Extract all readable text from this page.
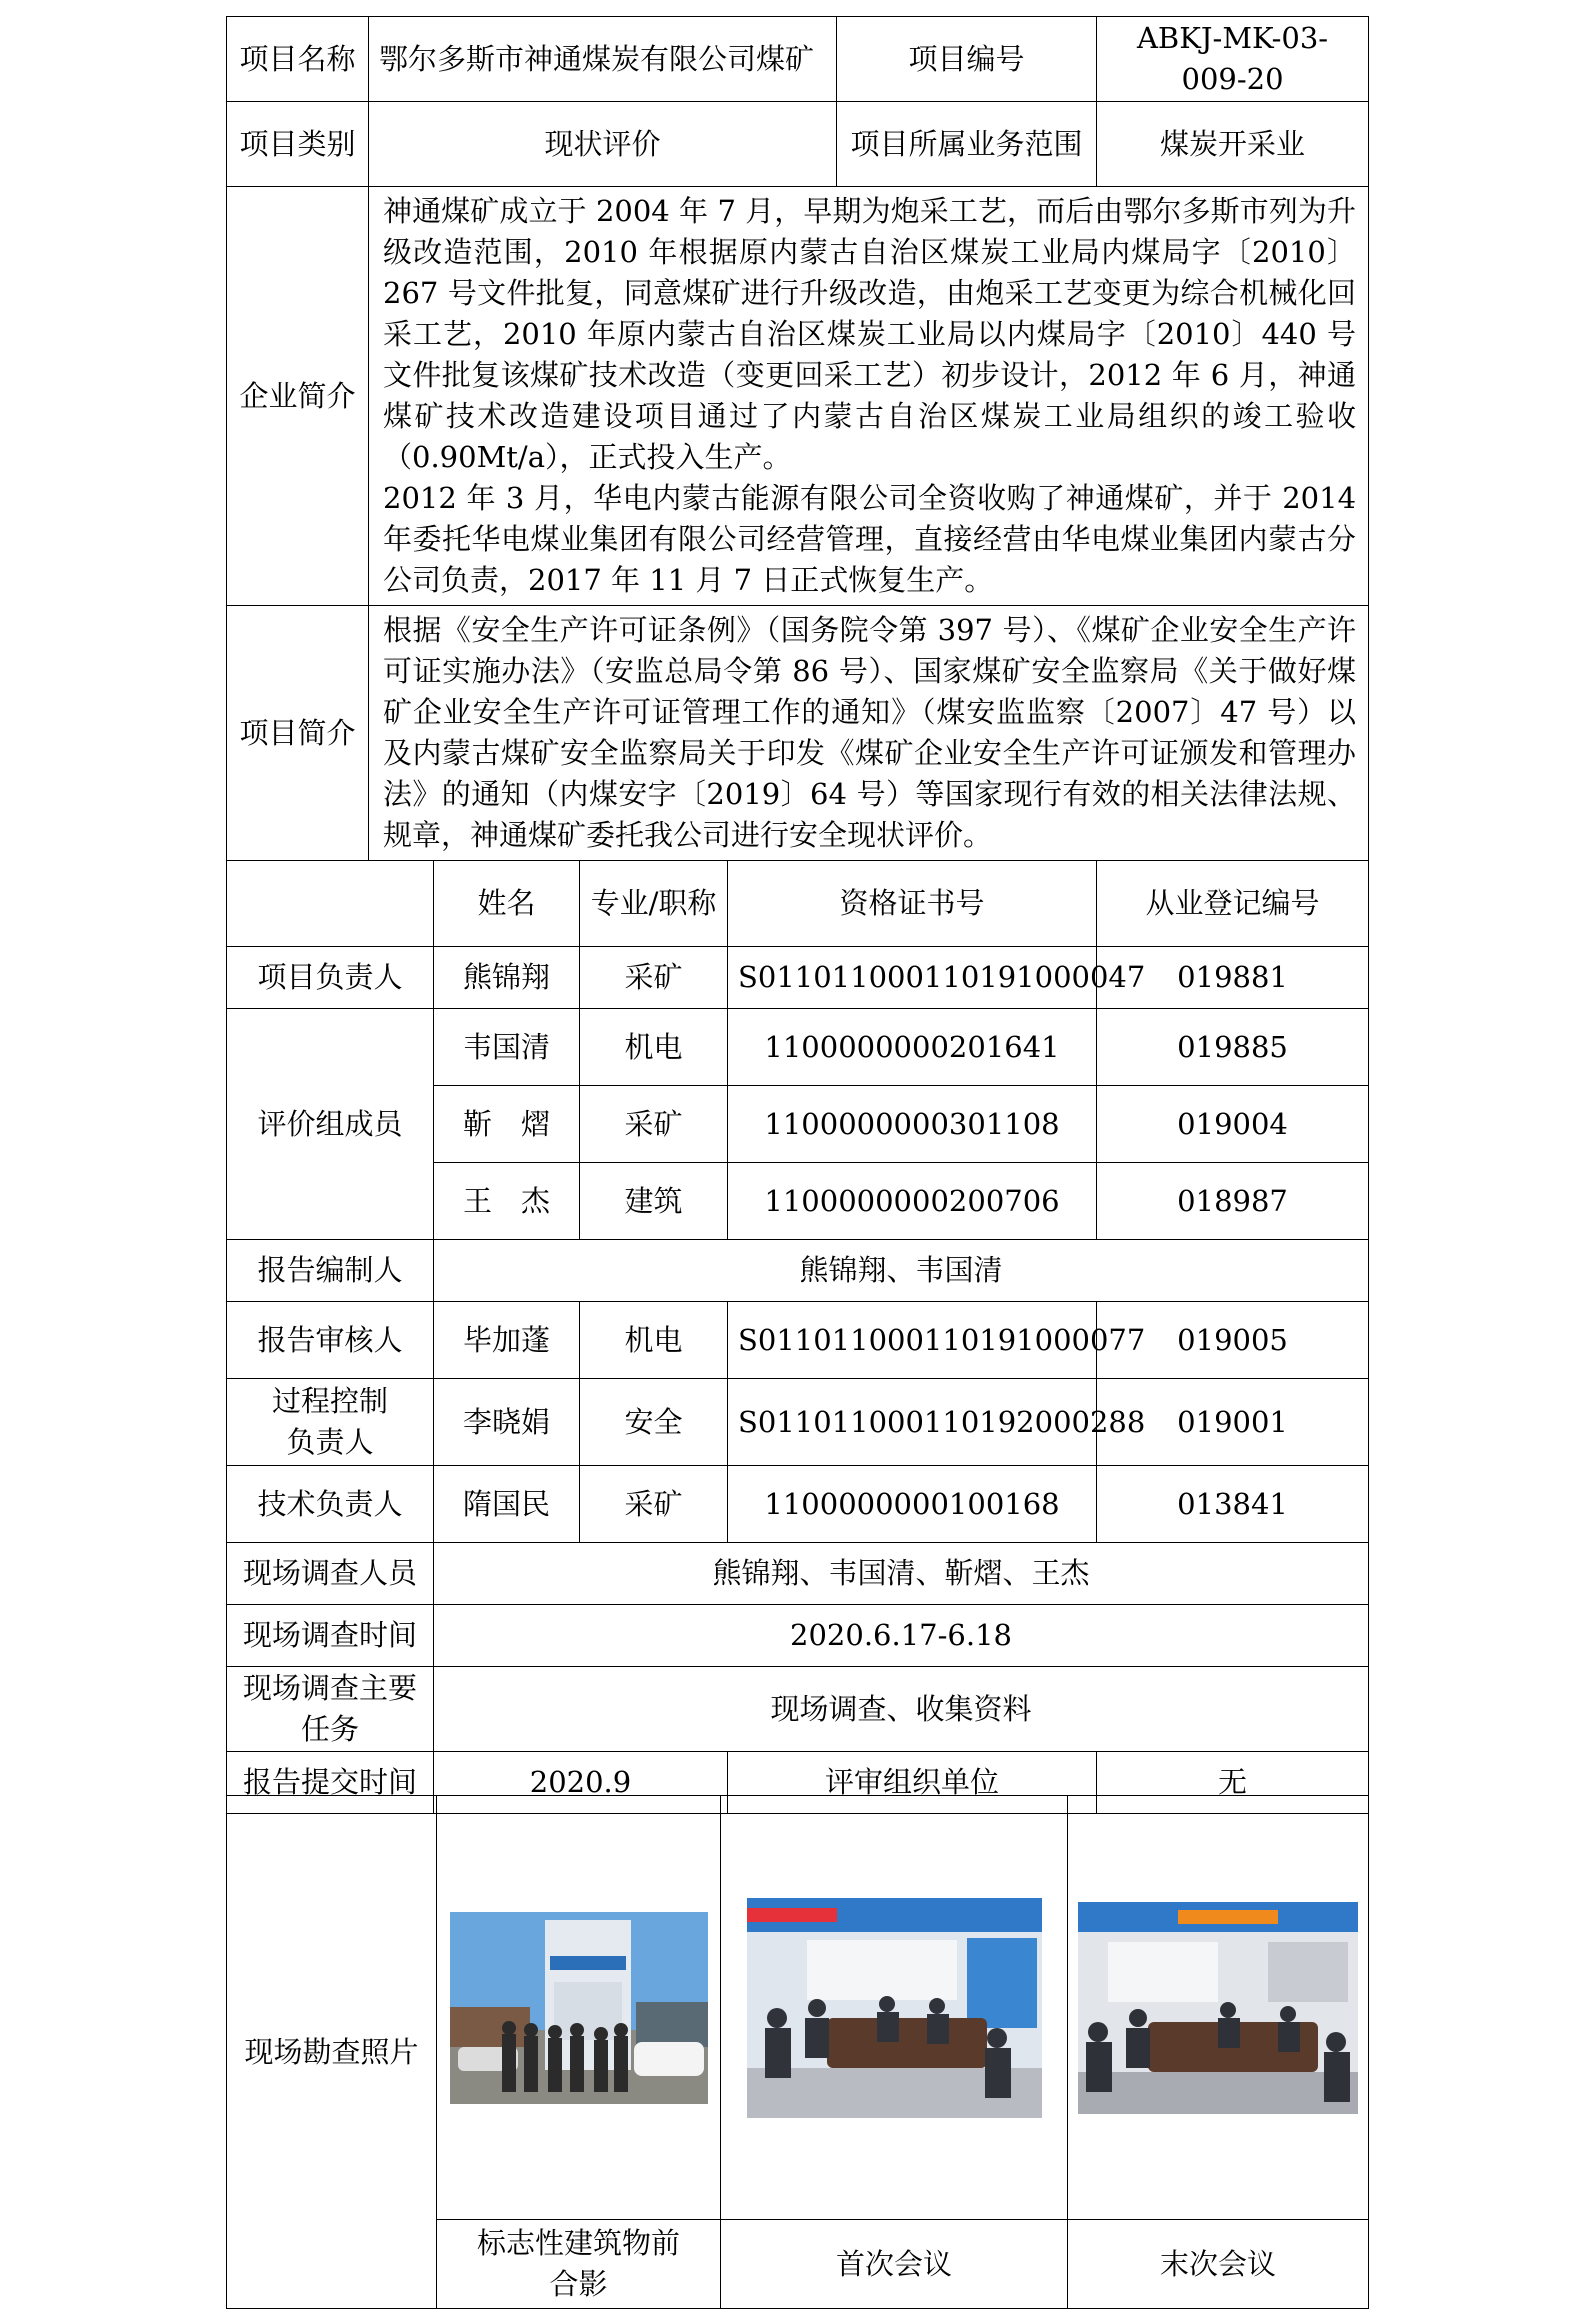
项目名称	鄂尔多斯市神通煤炭有限公司煤矿				项目编号	ABKJ-MK-03-009-20
项目类别	现状评价				项目所属业务范围	煤炭开采业
企业简介	神通煤矿成立于 2004 年 7 月，早期为炮采工艺，而后由鄂尔多斯市列为升级改造范围，2010 年根据原内蒙古自治区煤炭工业局内煤局字〔2010〕267 号文件批复，同意煤矿进行升级改造，由炮采工艺变更为综合机械化回采工艺，2010 年原内蒙古自治区煤炭工业局以内煤局字〔2010〕440 号文件批复该煤矿技术改造（变更回采工艺）初步设计，2012 年 6 月，神通煤矿技术改造建设项目通过了内蒙古自治区煤炭工业局组织的竣工验收（0.90Mt/a），正式投入生产。

2012 年 3 月，华电内蒙古能源有限公司全资收购了神通煤矿，并于 2014 年委托华电煤业集团有限公司经营管理，直接经营由华电煤业集团内蒙古分公司负责，2017 年 11 月 7 日正式恢复生产。					

项目简介	根据《安全生产许可证条例》（国务院令第 397 号）、《煤矿企业安全生产许可证实施办法》（安监总局令第 86 号）、国家煤矿安全监察局《关于做好煤矿企业安全生产许可证管理工作的通知》（煤安监监察〔2007〕47 号）以及内蒙古煤矿安全监察局关于印发《煤矿企业安全生产许可证颁发和管理办法》的通知（内煤安字〔2019〕64 号）等国家现行有效的相关法律法规、规章，神通煤矿委托我公司进行安全现状评价。					
		姓名	专业/职称	资格证书号		从业登记编号
项目负责人		熊锦翔	采矿	S011011000110191000047		019881
评价组成员		韦国清	机电	1100000000201641		019885
		靳　熠	采矿	1100000000301108		019004
		王　杰	建筑	1100000000200706		018987
报告编制人		熊锦翔、韦国清				
报告审核人		毕加蓬	机电	S011011000110191000077		019005
过程控制负责人		李晓娟	安全	S011011000110192000288		019001
技术负责人		隋国民	采矿	1100000000100168		013841
现场调查人员		熊锦翔、韦国清、靳熠、王杰				
现场调查时间		2020.6.17-6.18				
现场调查主要任务		现场调查、收集资料				
报告提交时间		2020.9		评审组织单位		无
现场勘查照片	

	标志性建筑物前合影	首次会议	末次会议
